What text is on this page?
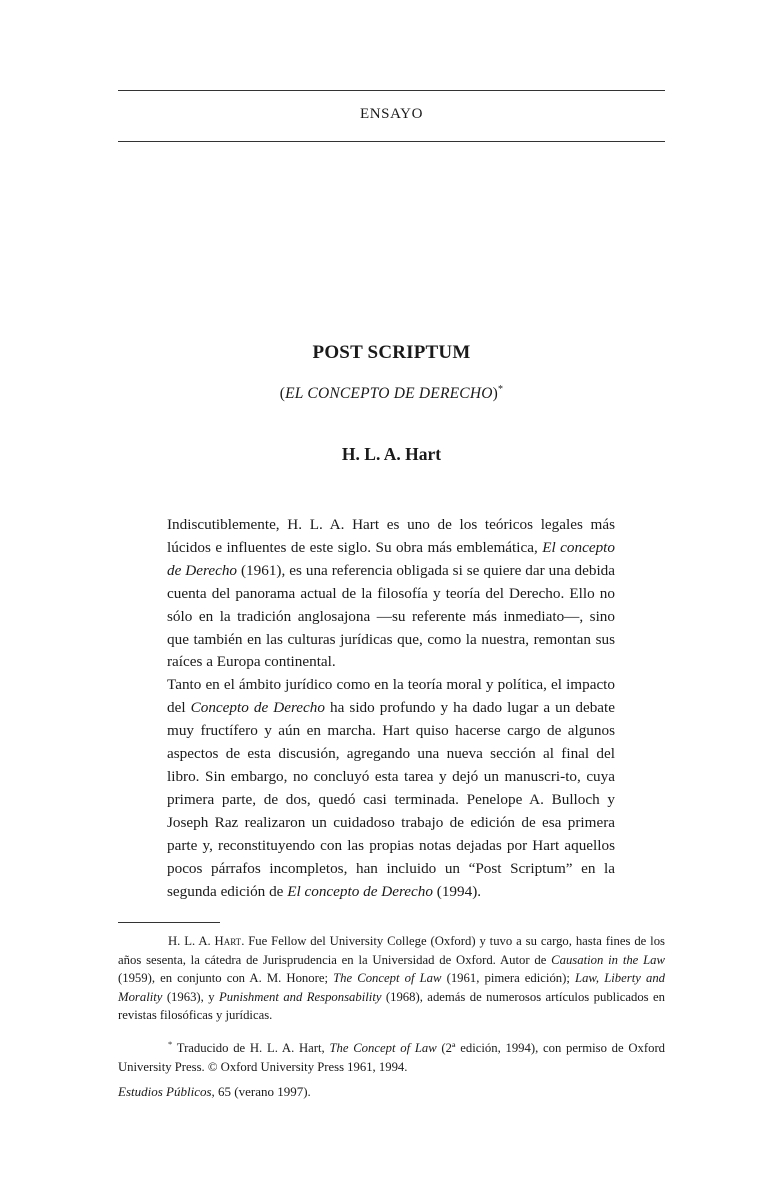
ENSAYO
POST SCRIPTUM
(EL CONCEPTO DE DERECHO)*
H. L. A. Hart

Indiscutiblemente, H. L. A. Hart es uno de los teóricos legales más lúcidos e influentes de este siglo. Su obra más emblemática, El concepto de Derecho (1961), es una referencia obligada si se quiere dar una debida cuenta del panorama actual de la filosofía y teoría del Derecho. Ello no sólo en la tradición anglosajona —su referente más inmediato—, sino que también en las culturas jurídicas que, como la nuestra, remontan sus raíces a Europa continental.

Tanto en el ámbito jurídico como en la teoría moral y política, el impacto del Concepto de Derecho ha sido profundo y ha dado lugar a un debate muy fructífero y aún en marcha. Hart quiso hacerse cargo de algunos aspectos de esta discusión, agregando una nueva sección al final del libro. Sin embargo, no concluyó esta tarea y dejó un manuscri-to, cuya primera parte, de dos, quedó casi terminada. Penelope A. Bulloch y Joseph Raz realizaron un cuidadoso trabajo de edición de esa primera parte y, reconstituyendo con las propias notas dejadas por Hart aquellos pocos párrafos incompletos, han incluido un “Post Scriptum” en la segunda edición de El concepto de Derecho (1994).

H. L. A. Hart. Fue Fellow del University College (Oxford) y tuvo a su cargo, hasta fines de los años sesenta, la cátedra de Jurisprudencia en la Universidad de Oxford. Autor de Causation in the Law (1959), en conjunto con A. M. Honore; The Concept of Law (1961, pimera edición); Law, Liberty and Morality (1963), y Punishment and Responsability (1968), además de numerosos artículos publicados en revistas filosóficas y jurídicas.

* Traducido de H. L. A. Hart, The Concept of Law (2ª edición, 1994), con permiso de Oxford University Press. © Oxford University Press 1961, 1994.

Estudios Públicos, 65 (verano 1997).
